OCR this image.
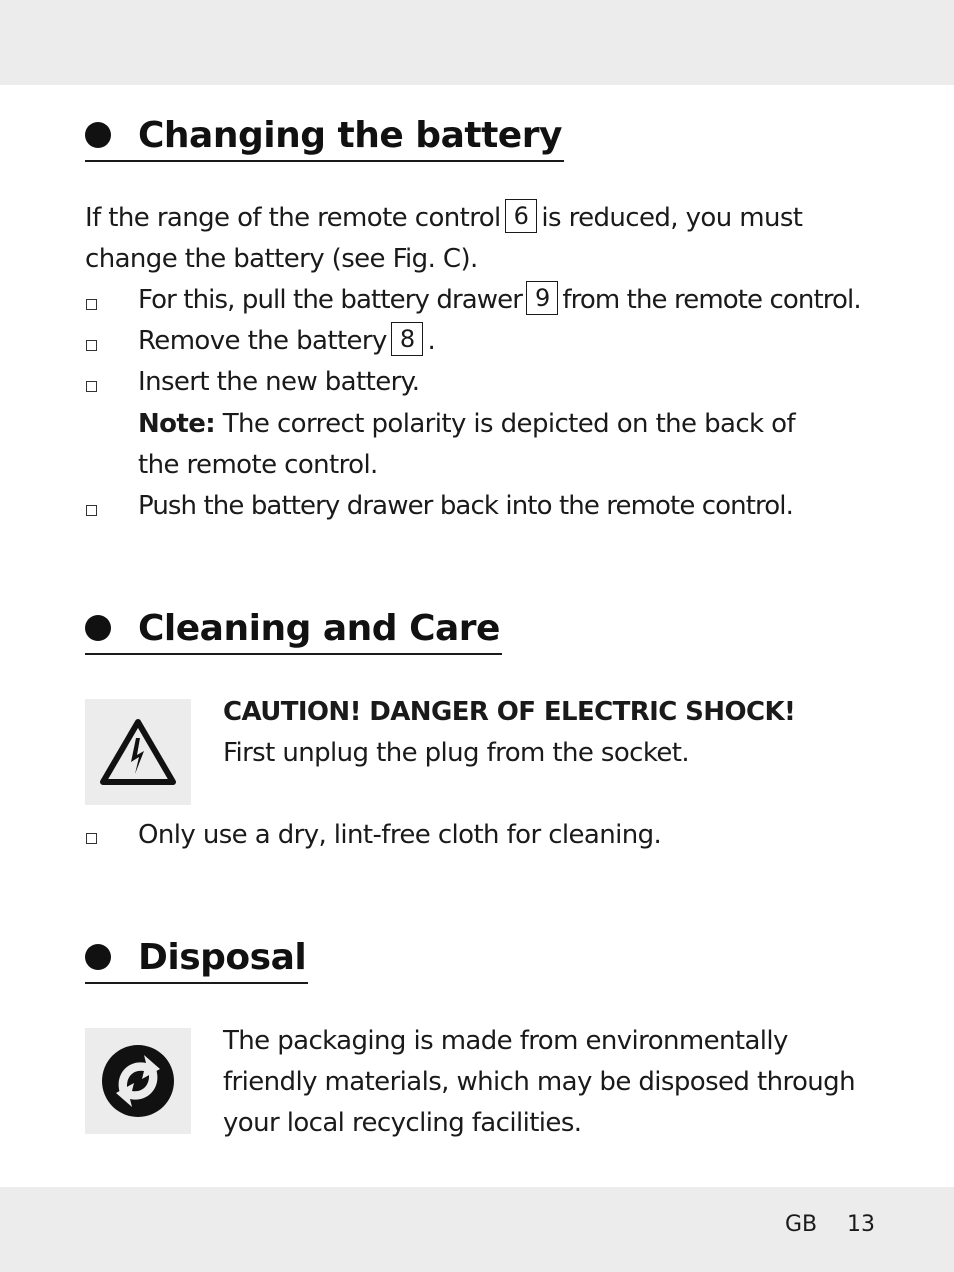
Changing the battery
If the range of the remote control 6 is reduced, you must
change the battery (see Fig. C).
For this, pull the battery drawer 9 from the remote control.
Remove the battery 8 .
Insert the new battery.
Note: The correct polarity is depicted on the back of
the remote control.
Push the battery drawer back into the remote control.
Cleaning and Care
CAUTION! DANGER OF ELECTRIC SHOCK!
First unplug the plug from the socket.
Only use a dry, lint-free cloth for cleaning.
Disposal
The packaging is made from environmentally
friendly materials, which may be disposed through
your local recycling facilities.
GB 13
